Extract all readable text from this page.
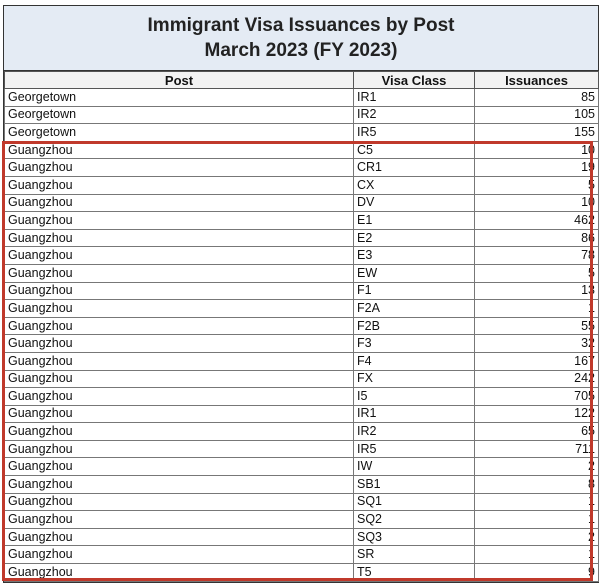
Immigrant Visa Issuances by Post
March 2023 (FY 2023)
Post	Visa Class	Issuances
Georgetown	IR1	85
Georgetown	IR2	105
Georgetown	IR5	155
Guangzhou	C5	10
Guangzhou	CR1	19
Guangzhou	CX	5
Guangzhou	DV	10
Guangzhou	E1	462
Guangzhou	E2	86
Guangzhou	E3	78
Guangzhou	EW	5
Guangzhou	F1	13
Guangzhou	F2A	1
Guangzhou	F2B	55
Guangzhou	F3	32
Guangzhou	F4	167
Guangzhou	FX	242
Guangzhou	I5	705
Guangzhou	IR1	122
Guangzhou	IR2	65
Guangzhou	IR5	711
Guangzhou	IW	2
Guangzhou	SB1	8
Guangzhou	SQ1	1
Guangzhou	SQ2	1
Guangzhou	SQ3	2
Guangzhou	SR	1
Guangzhou	T5	9
